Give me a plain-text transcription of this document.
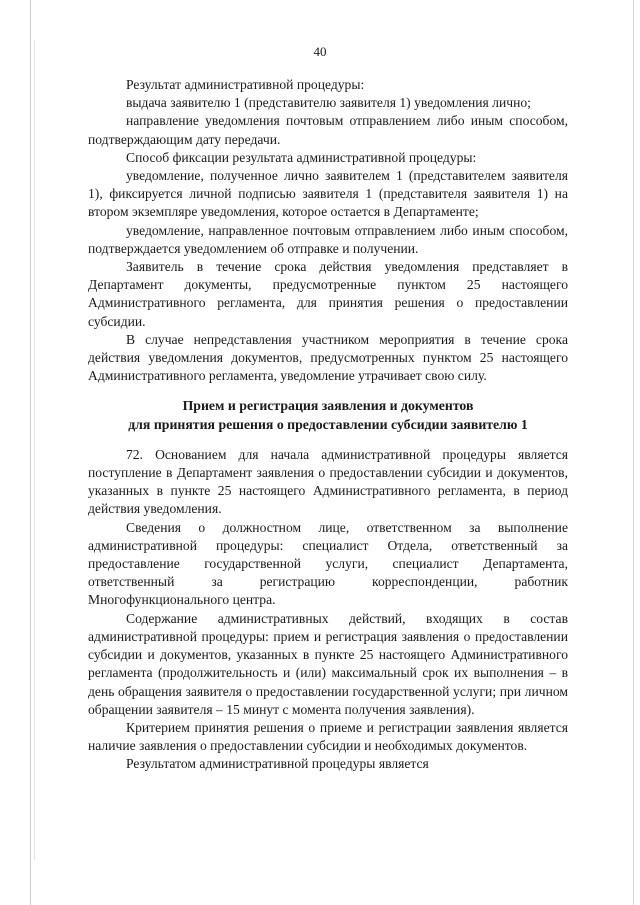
40

Результат административной процедуры:

выдача заявителю 1 (представителю заявителя 1) уведомления лично;

направление уведомления почтовым отправлением либо иным способом, подтверждающим дату передачи.

Способ фиксации результата административной процедуры:

уведомление, полученное лично заявителем 1 (представителем заявителя 1), фиксируется личной подписью заявителя 1 (представителя заявителя 1) на втором экземпляре уведомления, которое остается в Департаменте;

уведомление, направленное почтовым отправлением либо иным способом, подтверждается уведомлением об отправке и получении.

Заявитель в течение срока действия уведомления представляет в Департамент документы, предусмотренные пунктом 25 настоящего Административного регламента, для принятия решения о предоставлении субсидии.

В случае непредставления участником мероприятия в течение срока действия уведомления документов, предусмотренных пунктом 25 настоящего Административного регламента, уведомление утрачивает свою силу.

Прием и регистрация заявления и документов
для принятия решения о предоставлении субсидии заявителю 1

72. Основанием для начала административной процедуры является поступление в Департамент заявления о предоставлении субсидии и документов, указанных в пункте 25 настоящего Административного регламента, в период действия уведомления.

Сведения о должностном лице, ответственном за выполнение административной процедуры: специалист Отдела, ответственный за предоставление государственной услуги, специалист Департамента, ответственный за регистрацию корреспонденции, работник Многофункционального центра.

Содержание административных действий, входящих в состав административной процедуры: прием и регистрация заявления о предоставлении субсидии и документов, указанных в пункте 25 настоящего Административного регламента (продолжительность и (или) максимальный срок их выполнения – в день обращения заявителя о предоставлении государственной услуги; при личном обращении заявителя – 15 минут с момента получения заявления).

Критерием принятия решения о приеме и регистрации заявления является наличие заявления о предоставлении субсидии и необходимых документов.

Результатом административной процедуры является
